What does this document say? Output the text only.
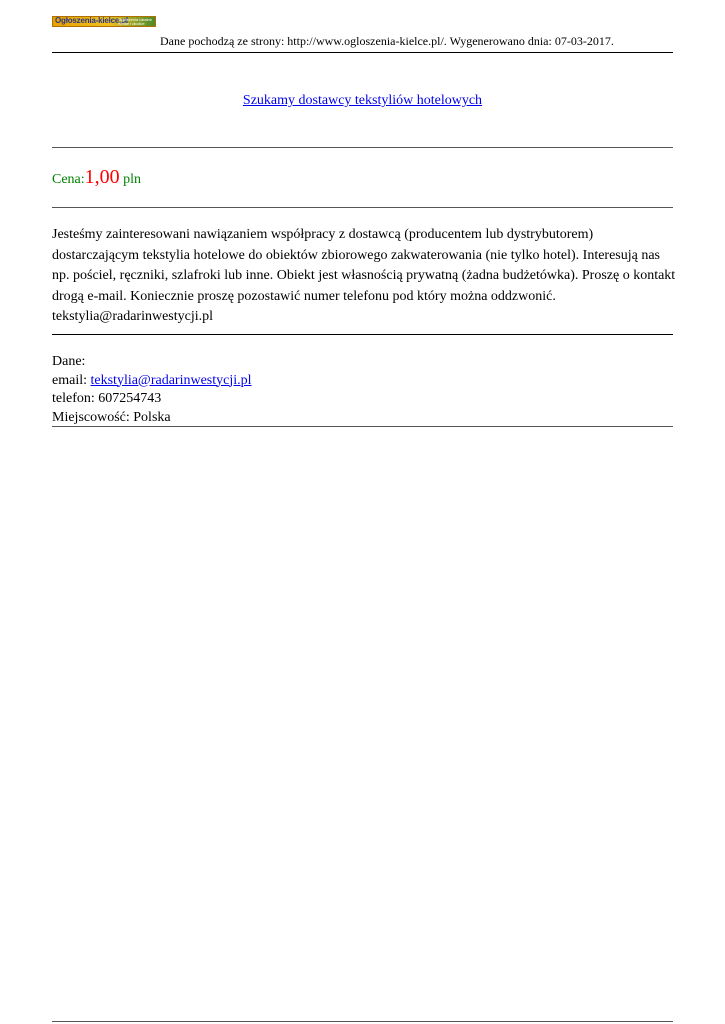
Ogłoszenia-kielce.pl
Ogłoszenia lokalne
Kielce i okolice
Dane pochodzą ze strony: http://www.ogloszenia-kielce.pl/. Wygenerowano dnia: 07-03-2017.
Szukamy dostawcy tekstyliów hotelowych
Cena:1,00 pln
Jesteśmy zainteresowani nawiązaniem współpracy z dostawcą (producentem lub dystrybutorem) dostarczającym tekstylia hotelowe do obiektów zbiorowego zakwaterowania (nie tylko hotel). Interesują nas np. pościel, ręczniki, szlafroki lub inne. Obiekt jest własnością prywatną (żadna budżetówka). Proszę o kontakt drogą e-mail. Koniecznie proszę pozostawić numer telefonu pod który można oddzwonić. tekstylia@radarinwestycji.pl
Dane:
email: tekstylia@radarinwestycji.pl
telefon: 607254743
Miejscowość: Polska
